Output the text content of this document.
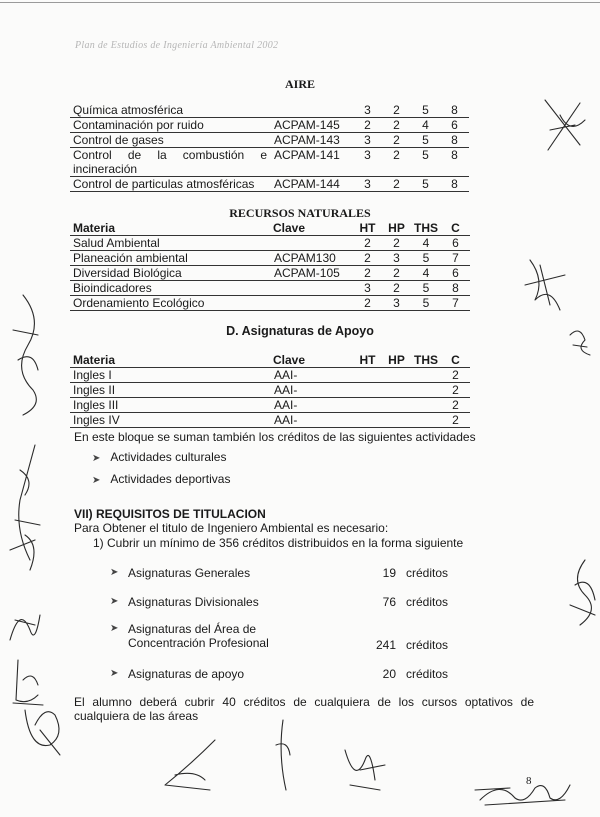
Plan de Estudios de Ingeniería Ambiental 2002
AIRE
Química atmosférica		3	2	5	8
Contaminación por ruido	ACPAM-145	2	2	4	6
Control de gases	ACPAM-143	3	2	5	8
Control de la combustión e incineración	ACPAM-141	3	2	5	8
Control de particulas atmosféricas	ACPAM-144	3	2	5	8
RECURSOS NATURALES
Materia	Clave	HT	HP	THS	C
Salud Ambiental		2	2	4	6
Planeación ambiental	ACPAM130	2	3	5	7
Diversidad Biológica	ACPAM-105	2	2	4	6
Bioindicadores		3	2	5	8
Ordenamiento Ecológico		2	3	5	7
D. Asignaturas de Apoyo
Materia	Clave	HT	HP	THS	C
Ingles I	AAI-				2
Ingles II	AAI-				2
Ingles III	AAI-				2
Ingles IV	AAI-				2
En este bloque se suman también los créditos de las siguientes actividades
➤ Actividades culturales
➤ Actividades deportivas
VII) REQUISITOS DE TITULACION
Para Obtener el titulo de Ingeniero Ambiental es necesario:
1) Cubrir un mínimo de 356 créditos distribuidos en la forma siguiente
➤ Asignaturas Generales	19 créditos
➤ Asignaturas Divisionales	76 créditos
➤ Asignaturas del Área de Concentración Profesional	241 créditos
➤ Asignaturas de apoyo	20 créditos
El alumno deberá cubrir 40 créditos de cualquiera de los cursos optativos de cualquiera de las áreas
8
